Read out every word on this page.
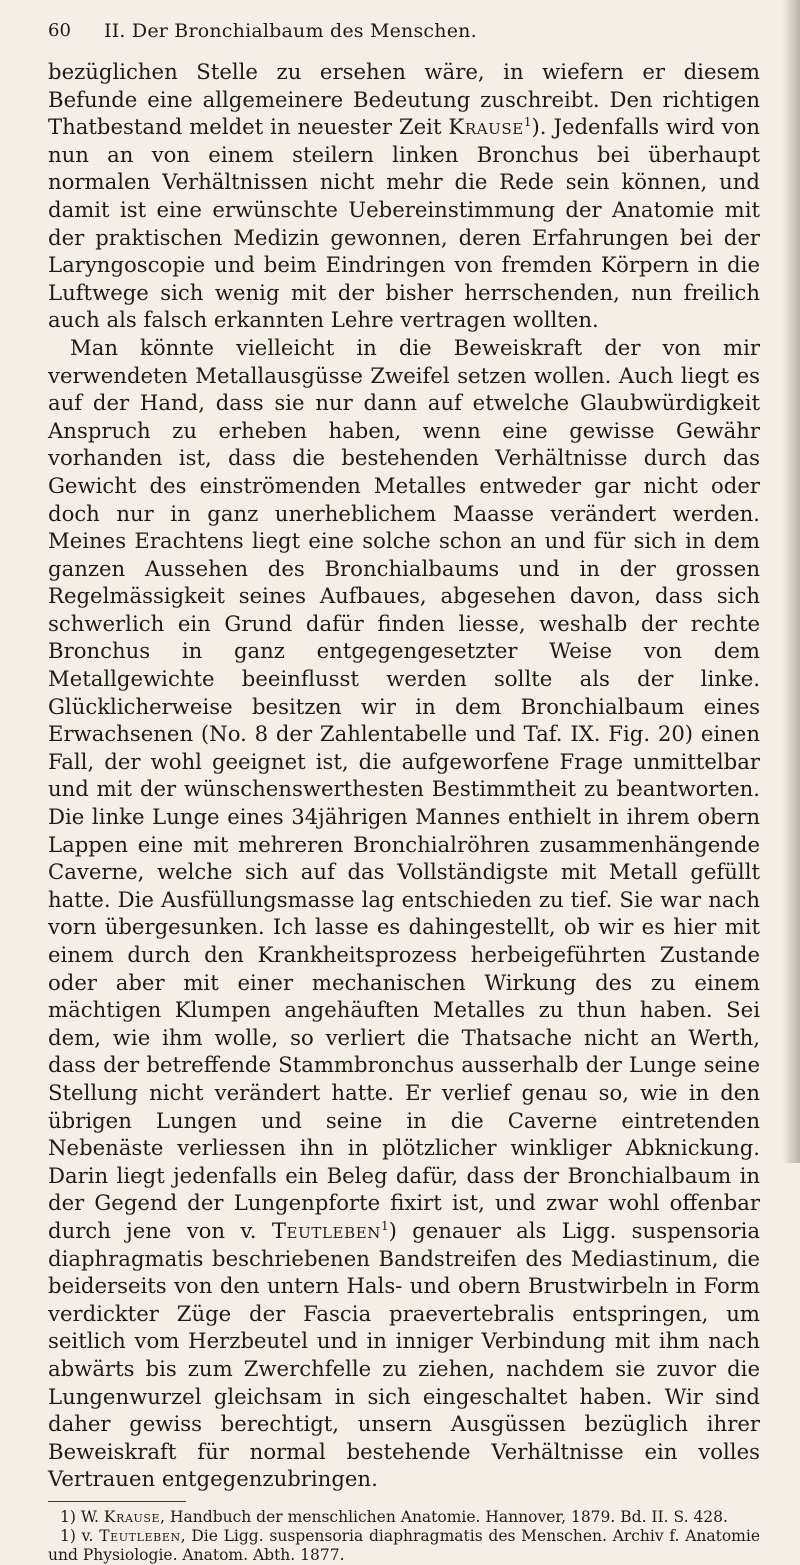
60 II. Der Bronchialbaum des Menschen.

bezüglichen Stelle zu ersehen wäre, in wiefern er diesem Befunde eine allgemeinere Bedeutung zuschreibt. Den richtigen Thatbestand meldet in neuester Zeit Krause$^1$). Jedenfalls wird von nun an von einem steilern linken Bronchus bei überhaupt normalen Verhältnissen nicht mehr die Rede sein können, und damit ist eine erwünschte Uebereinstimmung der Anatomie mit der praktischen Medizin gewonnen, deren Erfahrungen bei der Laryngoscopie und beim Eindringen von fremden Körpern in die Luftwege sich wenig mit der bisher herrschenden, nun freilich auch als falsch erkannten Lehre vertragen wollten.

Man könnte vielleicht in die Beweiskraft der von mir verwendeten Metallausgüsse Zweifel setzen wollen. Auch liegt es auf der Hand, dass sie nur dann auf etwelche Glaubwürdigkeit Anspruch zu erheben haben, wenn eine gewisse Gewähr vorhanden ist, dass die bestehenden Verhältnisse durch das Gewicht des einströmenden Metalles entweder gar nicht oder doch nur in ganz unerheblichem Maasse verändert werden. Meines Erachtens liegt eine solche schon an und für sich in dem ganzen Aussehen des Bronchialbaums und in der grossen Regelmässigkeit seines Aufbaues, abgesehen davon, dass sich schwerlich ein Grund dafür finden liesse, weshalb der rechte Bronchus in ganz entgegengesetzter Weise von dem Metallgewichte beeinflusst werden sollte als der linke. Glücklicherweise besitzen wir in dem Bronchialbaum eines Erwachsenen (No. 8 der Zahlentabelle und Taf. IX. Fig. 20) einen Fall, der wohl geeignet ist, die aufgeworfene Frage unmittelbar und mit der wünschenswerthesten Bestimmtheit zu beantworten. Die linke Lunge eines 34jährigen Mannes enthielt in ihrem obern Lappen eine mit mehreren Bronchialröhren zusammenhängende Caverne, welche sich auf das Vollständigste mit Metall gefüllt hatte. Die Ausfüllungsmasse lag entschieden zu tief. Sie war nach vorn übergesunken. Ich lasse es dahingestellt, ob wir es hier mit einem durch den Krankheitsprozess herbeigeführten Zustande oder aber mit einer mechanischen Wirkung des zu einem mächtigen Klumpen angehäuften Metalles zu thun haben. Sei dem, wie ihm wolle, so verliert die Thatsache nicht an Werth, dass der betreffende Stammbronchus ausserhalb der Lunge seine Stellung nicht verändert hatte. Er verlief genau so, wie in den übrigen Lungen und seine in die Caverne eintretenden Nebenäste verliessen ihn in plötzlicher winkliger Abknickung. Darin liegt jedenfalls ein Beleg dafür, dass der Bronchialbaum in der Gegend der Lungenpforte fixirt ist, und zwar wohl offenbar durch jene von v. Teutleben$^1$) genauer als Ligg. suspensoria diaphragmatis beschriebenen Bandstreifen des Mediastinum, die beiderseits von den untern Hals- und obern Brustwirbeln in Form verdickter Züge der Fascia praevertebralis entspringen, um seitlich vom Herzbeutel und in inniger Verbindung mit ihm nach abwärts bis zum Zwerchfelle zu ziehen, nachdem sie zuvor die Lungenwurzel gleichsam in sich eingeschaltet haben. Wir sind daher gewiss berechtigt, unsern Ausgüssen bezüglich ihrer Beweiskraft für normal bestehende Verhältnisse ein volles Vertrauen entgegenzubringen.

1) W. Krause, Handbuch der menschlichen Anatomie. Hannover, 1879. Bd. II. S. 428.

1) v. Teutleben, Die Ligg. suspensoria diaphragmatis des Menschen. Archiv f. Anatomie und Physiologie. Anatom. Abth. 1877.
